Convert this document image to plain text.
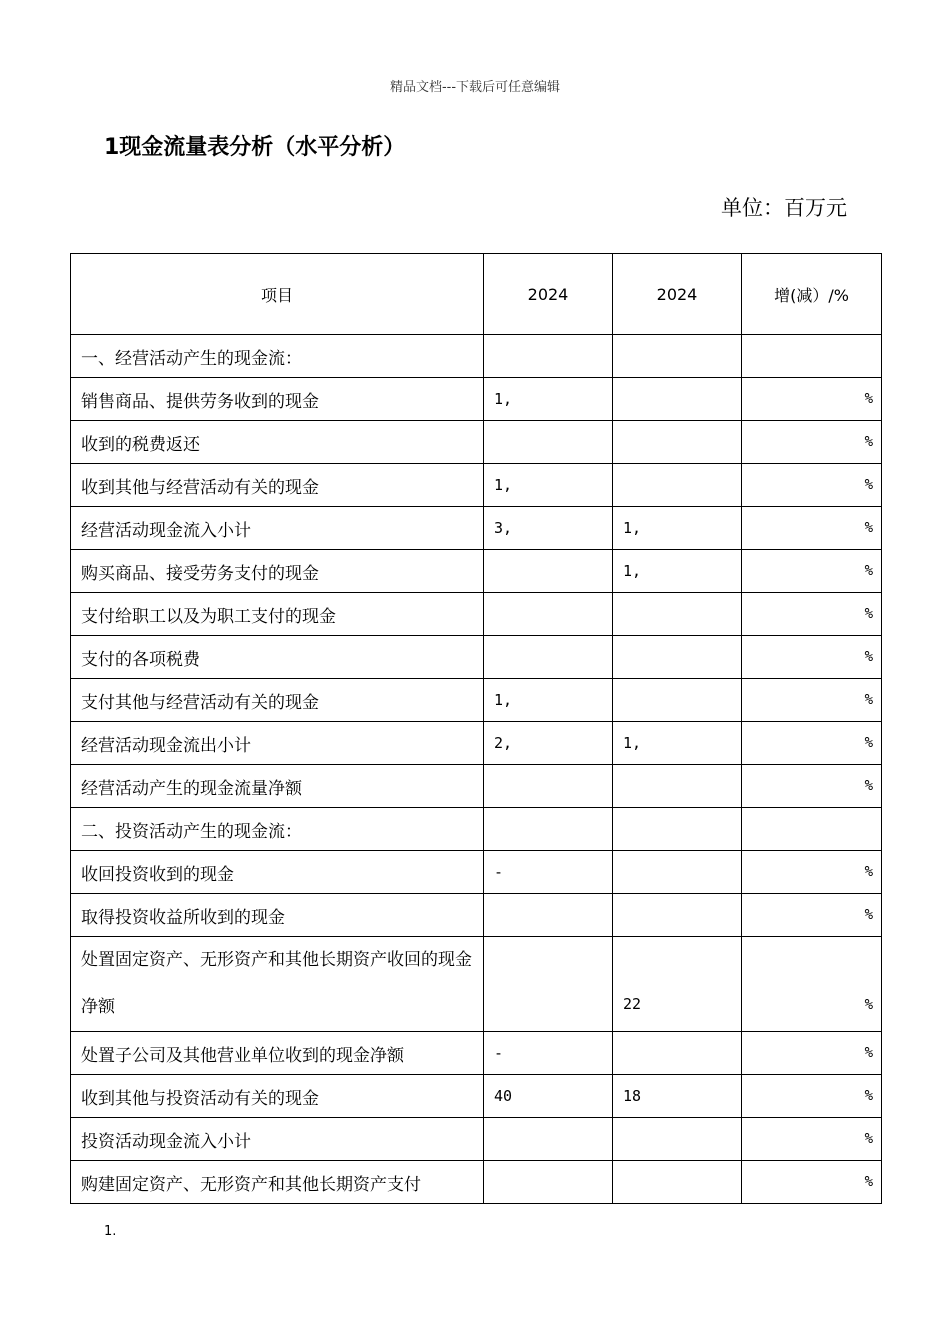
精品文档---下载后可任意编辑
1现金流量表分析（水平分析）
单位：百万元
项目	2024	2024	增(减）/%
一、经营活动产生的现金流：			
销售商品、提供劳务收到的现金	1,		%
收到的税费返还			%
收到其他与经营活动有关的现金	1,		%
经营活动现金流入小计	3,	1,	%
购买商品、接受劳务支付的现金		1,	%
支付给职工以及为职工支付的现金			%
支付的各项税费			%
支付其他与经营活动有关的现金	1,		%
经营活动现金流出小计	2,	1,	%
经营活动产生的现金流量净额			%
二、投资活动产生的现金流：			
收回投资收到的现金	-		%
取得投资收益所收到的现金			%
处置固定资产、无形资产和其他长期资产收回的现金净额		22	%
处置子公司及其他营业单位收到的现金净额	-		%
收到其他与投资活动有关的现金	40	18	%
投资活动现金流入小计			%
购建固定资产、无形资产和其他长期资产支付			%
1.
